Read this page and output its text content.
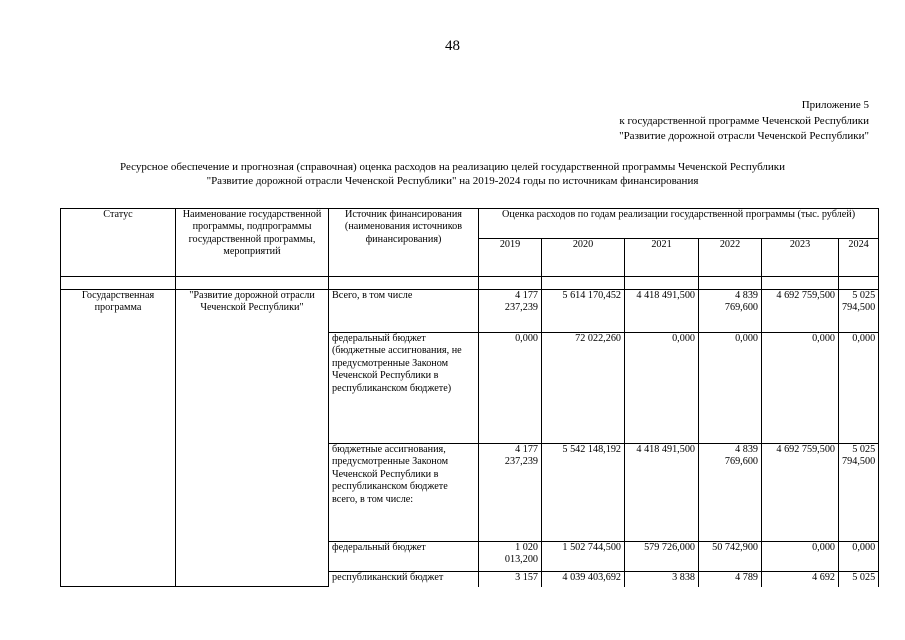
48
Приложение 5
к государственной программе Чеченской Республики
"Развитие дорожной отрасли Чеченской Республики"
Ресурсное обеспечение и прогнозная (справочная) оценка расходов на реализацию целей государственной программы Чеченской Республики
"Развитие дорожной отрасли Чеченской Республики" на 2019-2024 годы по источникам финансирования
Статус	Наименование государственной программы, подпрограммы государственной программы, мероприятий	Источник финансирования (наименования источников финансирования)	Оценка расходов по годам реализации государственной программы (тыс. рублей)					
			2019	2020	2021	2022	2023	2024

Государственная программа	"Развитие дорожной отрасли Чеченской Республики"	Всего, в том числе	4 177 237,239	5 614 170,452	4 418 491,500	4 839 769,600	4 692 759,500	5 025 794,500
		федеральный бюджет (бюджетные ассигнования, не предусмотренные Законом Чеченской Республики в республиканском бюджете)	0,000	72 022,260	0,000	0,000	0,000	0,000
		бюджетные ассигнования, предусмотренные Законом Чеченской Республики в республиканском бюджете всего, в том числе:	4 177 237,239	5 542 148,192	4 418 491,500	4 839 769,600	4 692 759,500	5 025 794,500
		федеральный бюджет	1 020 013,200	1 502 744,500	579 726,000	50 742,900	0,000	0,000
		республиканский бюджет	3 157	4 039 403,692	3 838	4 789	4 692	5 025
